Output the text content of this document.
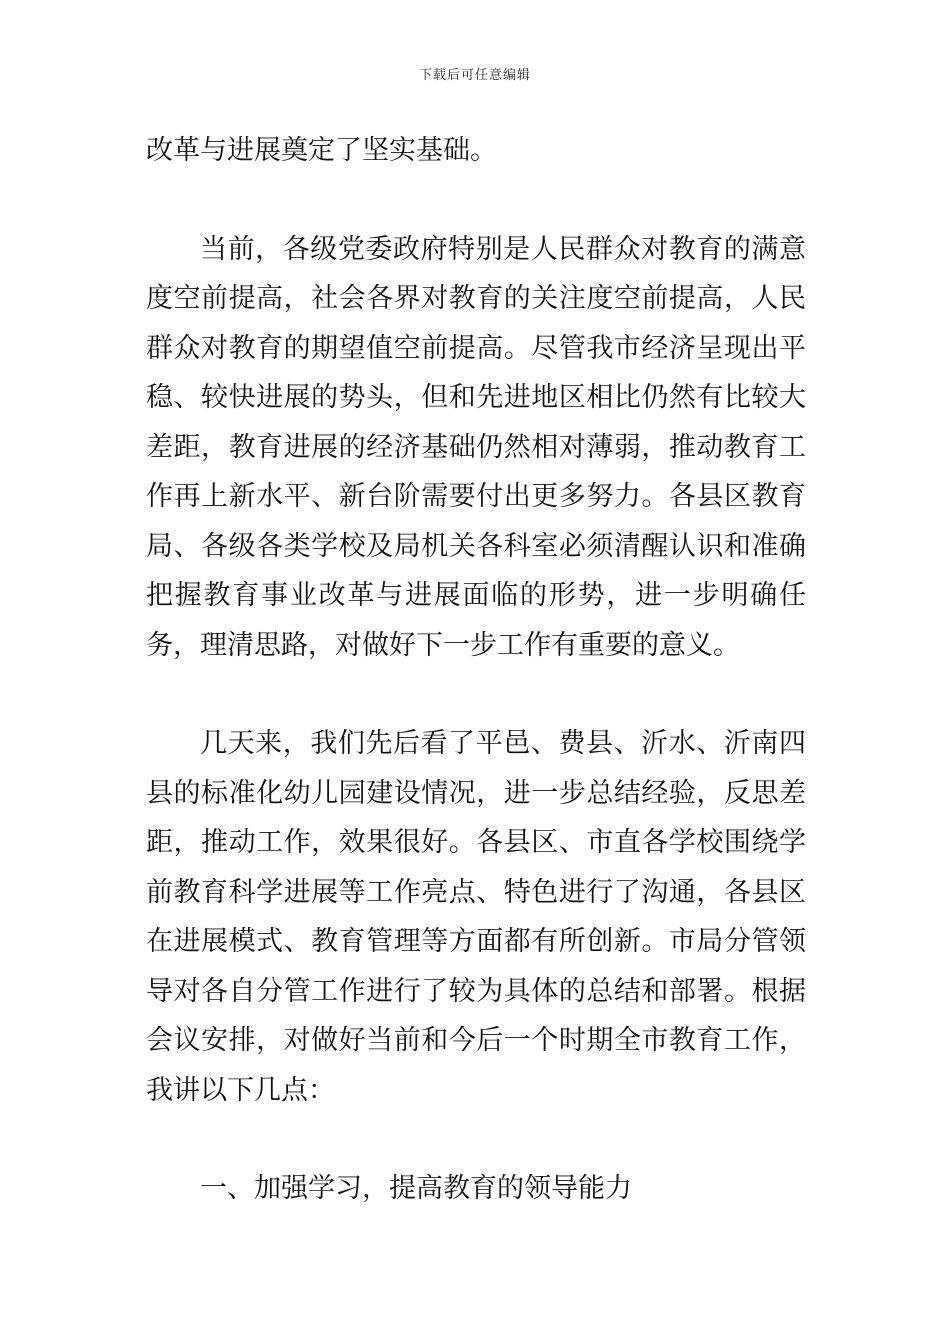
下载后可任意编辑

改革与进展奠定了坚实基础。

当前，各级党委政府特别是人民群众对教育的满意度空前提高，社会各界对教育的关注度空前提高，人民群众对教育的期望值空前提高。尽管我市经济呈现出平稳、较快进展的势头，但和先进地区相比仍然有比较大差距，教育进展的经济基础仍然相对薄弱，推动教育工作再上新水平、新台阶需要付出更多努力。各县区教育局、各级各类学校及局机关各科室必须清醒认识和准确把握教育事业改革与进展面临的形势，进一步明确任务，理清思路，对做好下一步工作有重要的意义。

几天来，我们先后看了平邑、费县、沂水、沂南四县的标准化幼儿园建设情况，进一步总结经验，反思差距，推动工作，效果很好。各县区、市直各学校围绕学前教育科学进展等工作亮点、特色进行了沟通，各县区在进展模式、教育管理等方面都有所创新。市局分管领导对各自分管工作进行了较为具体的总结和部署。根据会议安排，对做好当前和今后一个时期全市教育工作，我讲以下几点：

一、加强学习，提高教育的领导能力
